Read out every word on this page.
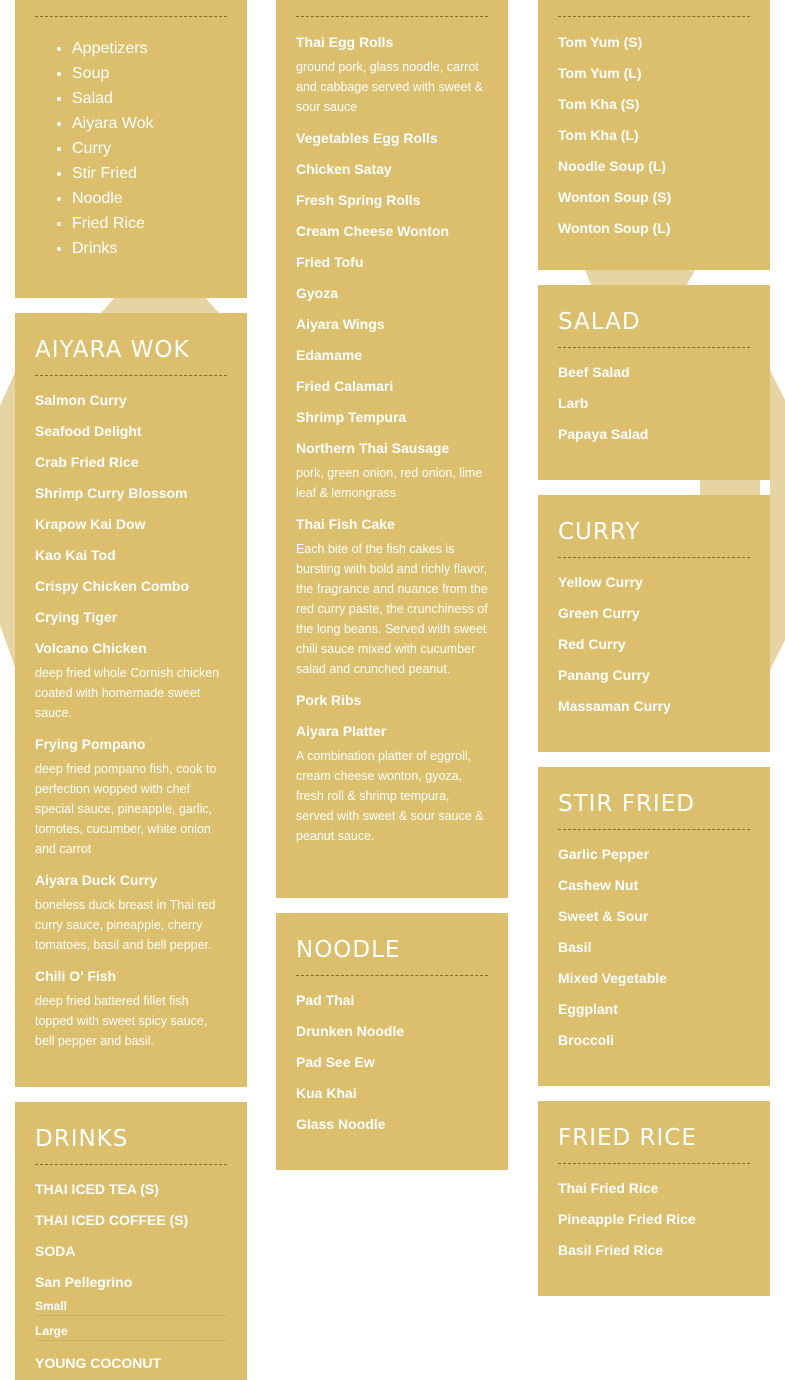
• Appetizers
• Soup
• Salad
• Aiyara Wok
• Curry
• Stir Fried
• Noodle
• Fried Rice
• Drinks
AIYARA WOK
Salmon Curry
Seafood Delight
Crab Fried Rice
Shrimp Curry Blossom
Krapow Kai Dow
Kao Kai Tod
Crispy Chicken Combo
Crying Tiger
Volcano Chicken

deep fried whole Cornish chicken coated with homemade sweet sauce.

Frying Pompano

deep fried pompano fish, cook to perfection wopped with chef special sauce, pineapple, garlic, tomotes, cucumber, white onion and carrot

Aiyara Duck Curry

boneless duck breast in Thai red curry sauce, pineapple, cherry tomatoes, basil and bell pepper.

Chili O' Fish

deep fried battered fillet fish topped with sweet spicy sauce, bell pepper and basil.

DRINKS
THAI ICED TEA (S)
THAI ICED COFFEE (S)
SODA
San Pellegrino
Small
Large
YOUNG COCONUT
Thai Egg Rolls

ground pork, glass noodle, carrot and cabbage served with sweet & sour sauce

Vegetables Egg Rolls
Chicken Satay
Fresh Spring Rolls
Cream Cheese Wonton
Fried Tofu
Gyoza
Aiyara Wings
Edamame
Fried Calamari
Shrimp Tempura
Northern Thai Sausage

pork, green onion, red onion, lime leaf & lemongrass

Thai Fish Cake

Each bite of the fish cakes is bursting with bold and richly flavor, the fragrance and nuance from the red curry paste, the crunchiness of the long beans. Served with sweet chili sauce mixed with cucumber salad and crunched peanut.

Pork Ribs
Aiyara Platter

A combination platter of eggroll, cream cheese wonton, gyoza, fresh roll & shrimp tempura, served with sweet & sour sauce & peanut sauce.

NOODLE
Pad Thai
Drunken Noodle
Pad See Ew
Kua Khai
Glass Noodle
Tom Yum (S)
Tom Yum (L)
Tom Kha (S)
Tom Kha (L)
Noodle Soup (L)
Wonton Soup (S)
Wonton Soup (L)
SALAD
Beef Salad
Larb
Papaya Salad
CURRY
Yellow Curry
Green Curry
Red Curry
Panang Curry
Massaman Curry
STIR FRIED
Garlic Pepper
Cashew Nut
Sweet & Sour
Basil
Mixed Vegetable
Eggplant
Broccoli
FRIED RICE
Thai Fried Rice
Pineapple Fried Rice
Basil Fried Rice
